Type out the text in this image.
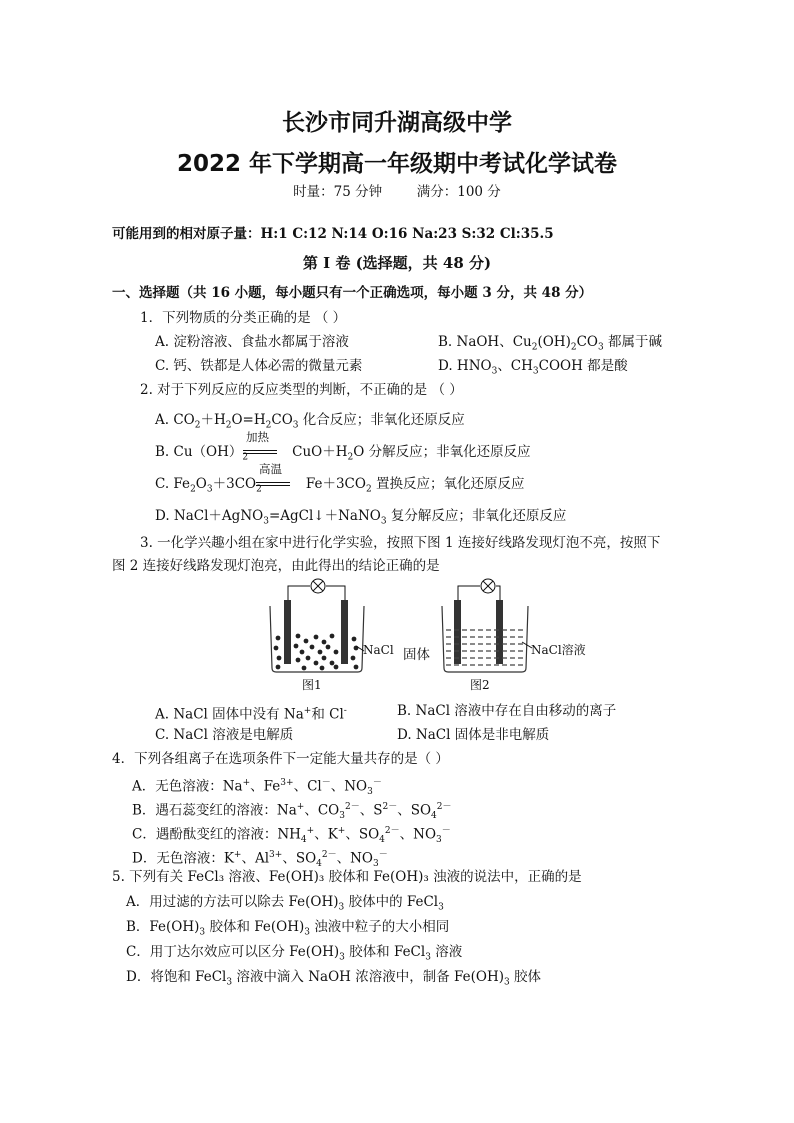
长沙市同升湖高级中学
2022 年下学期高一年级期中考试化学试卷
时量：75 分钟	满分：100 分
可能用到的相对原子量：H:1 C:12 N:14 O:16 Na:23 S:32 Cl:35.5
第 I 卷 (选择题，共 48 分)
一、选择题（共 16 小题，每小题只有一个正确选项，每小题 3 分，共 48 分）
1．下列物质的分类正确的是 （ ）
A. 淀粉溶液、食盐水都属于溶液	B. NaOH、$Cu_2(OH)_2CO_3$ 都属于碱
C. 钙、铁都是人体必需的微量元素	D. $HNO_3$、$CH_3COOH$ 都是酸
2. 对于下列反应的反应类型的判断，不正确的是 （ ）
A. $CO_2+H_2O=H_2CO_3$ 化合反应；非氧化还原反应
B. $Cu(OH)_2$	$CuO+H_2O$ 分解反应；非氧化还原反应
加热
C. $Fe_2O_3+3CO_2$	$Fe+3CO_2$ 置换反应；氧化还原反应
高温
D. NaCl＋AgNO$_3$=AgCl↓＋NaNO$_3$ 复分解反应；非氧化还原反应
3. 一化学兴趣小组在家中进行化学实验，按照下图 1 连接好线路发现灯泡不亮，按照下
图 2 连接好线路发现灯泡亮，由此得出的结论正确的是
NaCl 固体	NaCl溶液
图1	图2
A. NaCl 固体中没有 Na+和 Cl-	B. NaCl 溶液中存在自由移动的离子
C. NaCl 溶液是电解质	D. NaCl 固体是非电解质
4．下列各组离子在选项条件下一定能大量共存的是（ ）
A．无色溶液：Na+、$Fe^{3+}$、Cl－、$NO_3^-$
B．遇石蕊变红的溶液：Na+、$CO_3^{2-}$、$S^{2-}$、$SO_4^{2-}$
C．遇酚酞变红的溶液：$NH_4^+$、K+、$SO_4^{2-}$、$NO_3^-$
D．无色溶液：K+、$Al^{3+}$、$SO_4^{2-}$、$NO_3^-$
5. 下列有关 FeCl₃ 溶液、Fe(OH)₃ 胶体和 Fe(OH)₃ 浊液的说法中，正确的是
A．用过滤的方法可以除去 $Fe(OH)_3$ 胶体中的 FeCl$_3$
B．$Fe(OH)_3$ 胶体和 $Fe(OH)_3$ 浊液中粒子的大小相同
C．用丁达尔效应可以区分 $Fe(OH)_3$ 胶体和 FeCl$_3$ 溶液
D．将饱和 FeCl$_3$ 溶液中滴入 NaOH 浓溶液中，制备 $Fe(OH)_3$ 胶体
